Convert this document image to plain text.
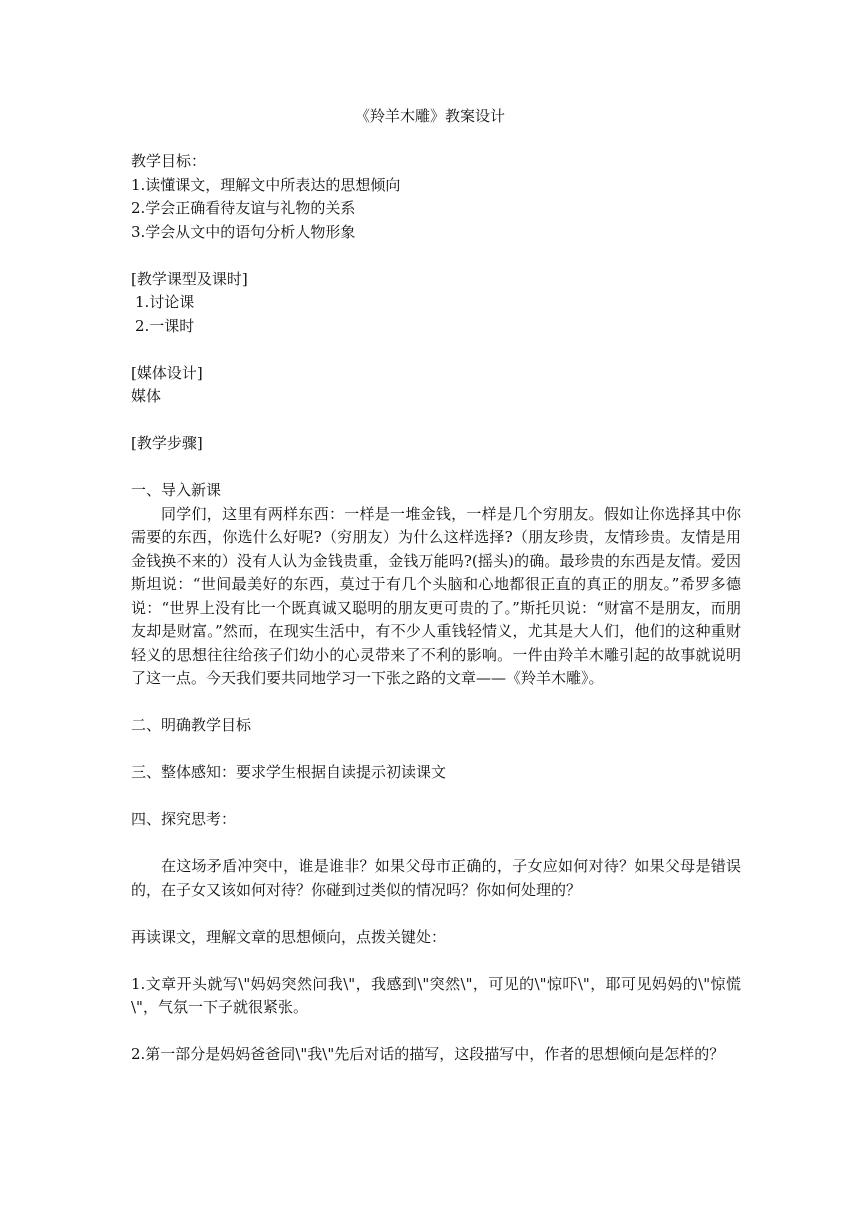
《羚羊木雕》教案设计

教学目标：

1.读懂课文，理解文中所表达的思想倾向

2.学会正确看待友谊与礼物的关系

3.学会从文中的语句分析人物形象

[教学课型及课时]

1.讨论课

2.一课时

[媒体设计]

媒体

[教学步骤]

一、导入新课

同学们，这里有两样东西：一样是一堆金钱，一样是几个穷朋友。假如让你选择其中你需要的东西，你选什么好呢?（穷朋友）为什么这样选择?（朋友珍贵，友情珍贵。友情是用金钱换不来的）没有人认为金钱贵重，金钱万能吗?(摇头)的确。最珍贵的东西是友情。爱因斯坦说：“世间最美好的东西，莫过于有几个头脑和心地都很正直的真正的朋友。”希罗多德说：“世界上没有比一个既真诚又聪明的朋友更可贵的了。”斯托贝说：“财富不是朋友，而朋友却是财富。”然而，在现实生活中，有不少人重钱轻情义，尤其是大人们，他们的这种重财轻义的思想往往给孩子们幼小的心灵带来了不利的影响。一件由羚羊木雕引起的故事就说明了这一点。今天我们要共同地学习一下张之路的文章——《羚羊木雕》。

二、明确教学目标

三、整体感知：要求学生根据自读提示初读课文

四、探究思考：

在这场矛盾冲突中，谁是谁非？如果父母市正确的，子女应如何对待？如果父母是错误的，在子女又该如何对待？你碰到过类似的情况吗？你如何处理的？

再读课文，理解文章的思想倾向，点拨关键处：

1.文章开头就写\"妈妈突然问我\"，我感到\"突然\"，可见的\"惊吓\"，耶可见妈妈的\"惊慌\"，气氛一下子就很紧张。

2.第一部分是妈妈爸爸同\"我\"先后对话的描写，这段描写中，作者的思想倾向是怎样的？
